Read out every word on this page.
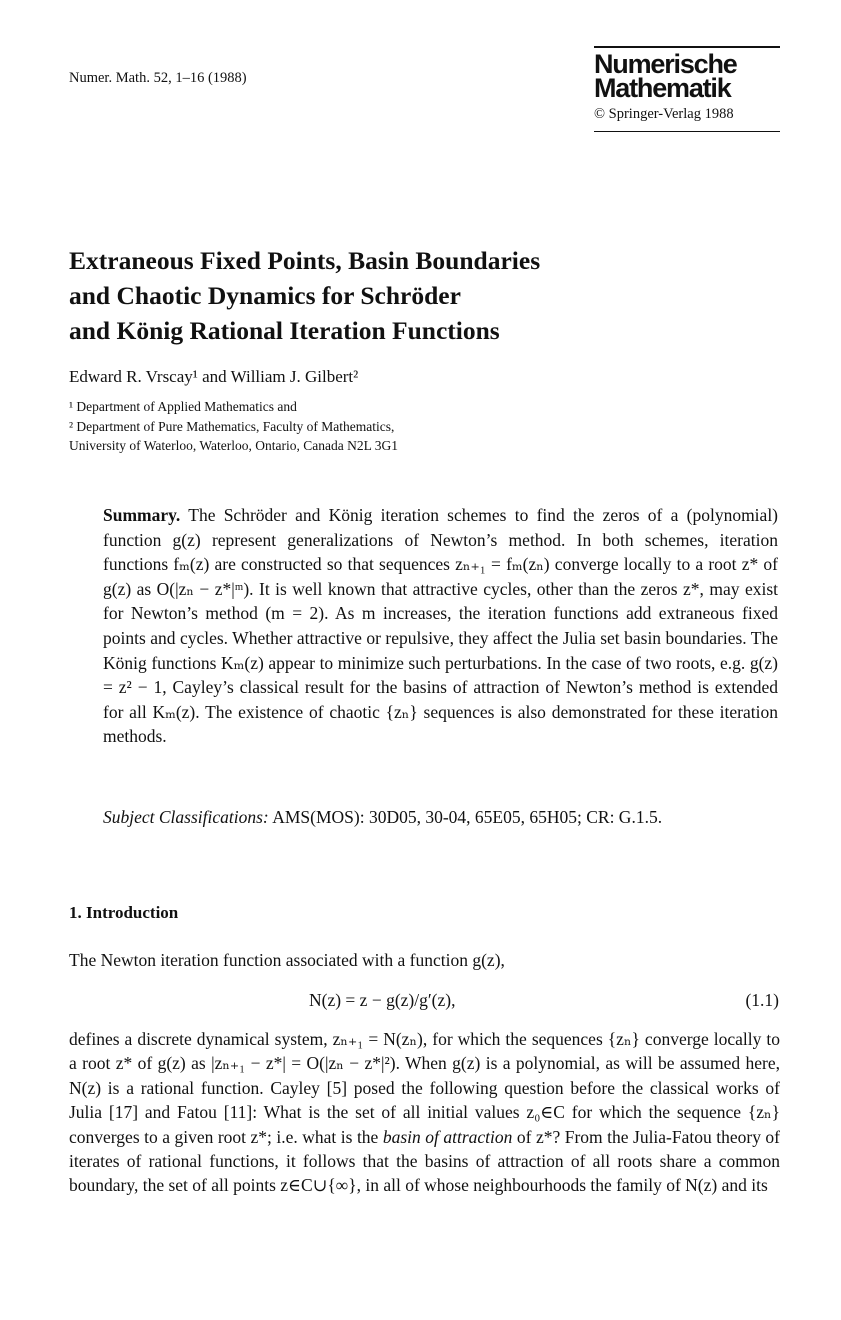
Numer. Math. 52, 1–16 (1988)	Numerische
Mathematik
© Springer-Verlag 1988
Extraneous Fixed Points, Basin Boundaries
and Chaotic Dynamics for Schröder
and König Rational Iteration Functions
Edward R. Vrscay¹ and William J. Gilbert²
¹ Department of Applied Mathematics and
² Department of Pure Mathematics, Faculty of Mathematics,
University of Waterloo, Waterloo, Ontario, Canada N2L 3G1
Summary. The Schröder and König iteration schemes to find the zeros of a (polynomial) function g(z) represent generalizations of Newton’s method. In both schemes, iteration functions fₘ(z) are constructed so that sequences zₙ₊₁ = fₘ(zₙ) converge locally to a root z* of g(z) as O(|zₙ − z*|ᵐ). It is well known that attractive cycles, other than the zeros z*, may exist for Newton’s method (m = 2). As m increases, the iteration functions add extraneous fixed points and cycles. Whether attractive or repulsive, they affect the Julia set basin boundaries. The König functions Kₘ(z) appear to minimize such perturbations. In the case of two roots, e.g. g(z) = z² − 1, Cayley’s classical result for the basins of attraction of Newton’s method is extended for all Kₘ(z). The existence of chaotic {zₙ} sequences is also demonstrated for these iteration methods.
Subject Classifications: AMS(MOS): 30D05, 30-04, 65E05, 65H05; CR: G.1.5.
1. Introduction
The Newton iteration function associated with a function g(z),
N(z) = z − g(z)/g′(z),	(1.1)
defines a discrete dynamical system, zₙ₊₁ = N(zₙ), for which the sequences {zₙ} converge locally to a root z* of g(z) as |zₙ₊₁ − z*| = O(|zₙ − z*|²). When g(z) is a polynomial, as will be assumed here, N(z) is a rational function. Cayley [5] posed the following question before the classical works of Julia [17] and Fatou [11]: What is the set of all initial values z₀∈C for which the sequence {zₙ} converges to a given root z*; i.e. what is the basin of attraction of z*? From the Julia-Fatou theory of iterates of rational functions, it follows that the basins of attraction of all roots share a common boundary, the set of all points z∈C∪{∞}, in all of whose neighbourhoods the family of N(z) and its
